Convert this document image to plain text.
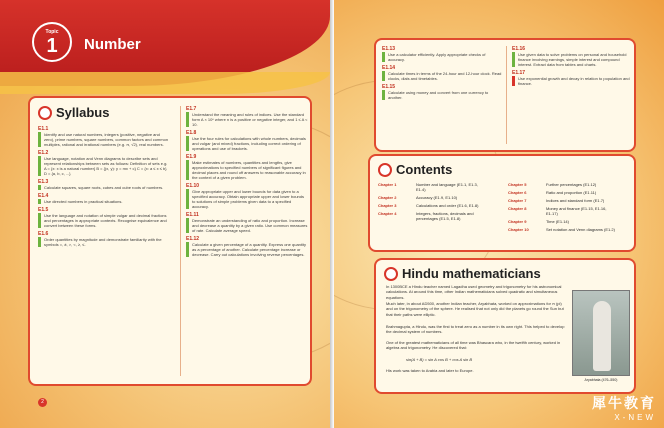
Topic
1	Number
Syllabus
E1.1
Identify and use natural numbers, integers (positive, negative and zero), prime numbers, square numbers, common factors and common multiples, rational and irrational numbers (e.g. π, √2), real numbers.
E1.2
Use language, notation and Venn diagrams to describe sets and represent relationships between sets as follows: Definition of sets e.g. A = {x: x is a natural number} B = {(x, y): y = mx + c} C = {x: a ≤ x ≤ b} D = {a, b, c, ...}
E1.3
Calculate squares, square roots, cubes and cube roots of numbers.
E1.4
Use directed numbers in practical situations.
E1.5
Use the language and notation of simple vulgar and decimal fractions and percentages in appropriate contexts. Recognise equivalence and convert between these forms.
E1.6
Order quantities by magnitude and demonstrate familiarity with the symbols =, ≠, >, <, ≥, ≤.
E1.7
Understand the meaning and rules of indices. Use the standard form A × 10ⁿ where n is a positive or negative integer, and 1 ≤ A < 10.
E1.8
Use the four rules for calculations with whole numbers, decimals and vulgar (and mixed) fractions, including correct ordering of operations and use of brackets.
E1.9
Make estimates of numbers, quantities and lengths, give approximations to specified numbers of significant figures and decimal places and round off answers to reasonable accuracy in the context of a given problem.
E1.10
Give appropriate upper and lower bounds for data given to a specified accuracy. Obtain appropriate upper and lower bounds to solutions of simple problems given data to a specified accuracy.
E1.11
Demonstrate an understanding of ratio and proportion. Increase and decrease a quantity by a given ratio. Use common measures of rate. Calculate average speed.
E1.12
Calculate a given percentage of a quantity. Express one quantity as a percentage of another. Calculate percentage increase or decrease. Carry out calculations involving reverse percentages.
2
E1.13
Use a calculator efficiently. Apply appropriate checks of accuracy.
E1.14
Calculate times in terms of the 24-hour and 12-hour clock. Read clocks, dials and timetables.
E1.15
Calculate using money and convert from one currency to another.
E1.16
Use given data to solve problems on personal and household finance involving earnings, simple interest and compound interest. Extract data from tables and charts.
E1.17
Use exponential growth and decay in relation to population and finance.
Contents
Chapter 1	Number and language (E1.1, E1.3, E1.4)
Chapter 2	Accuracy (E1.9, E1.10)
Chapter 3	Calculations and order (E1.6, E1.8)
Chapter 4	Integers, fractions, decimals and percentages (E1.5, E1.8)
Chapter 5	Further percentages (E1.12)
Chapter 6	Ratio and proportion (E1.11)
Chapter 7	Indices and standard form (E1.7)
Chapter 8	Money and finance (E1.15, E1.16, E1.17)
Chapter 9	Time (E1.14)
Chapter 10	Set notation and Venn diagrams (E1.2)
Hindu mathematicians
In 1300BCE a Hindu teacher named Lagadha used geometry and trigonometry for his astronomical calculations. At around this time, other Indian mathematicians solved quadratic and simultaneous equations.
Much later, in about AD500, another Indian teacher, Aryabhata, worked on approximations for π (pi) and on the trigonometry of the sphere. He realised that not only did the planets go round the Sun but that their paths were elliptic.
Brahmagupta, a Hindu, was the first to treat zero as a number in its own right. This helped to develop the decimal system of numbers.
One of the greatest mathematicians of all time was Bhascara who, in the twelfth century, worked in algebra and trigonometry. He discovered that:
sin(A + B) = sin A cos B + cos A sin B
His work was taken to Arabia and later to Europe.
Aryabhata (476–550)
犀牛教育
X-NEW
